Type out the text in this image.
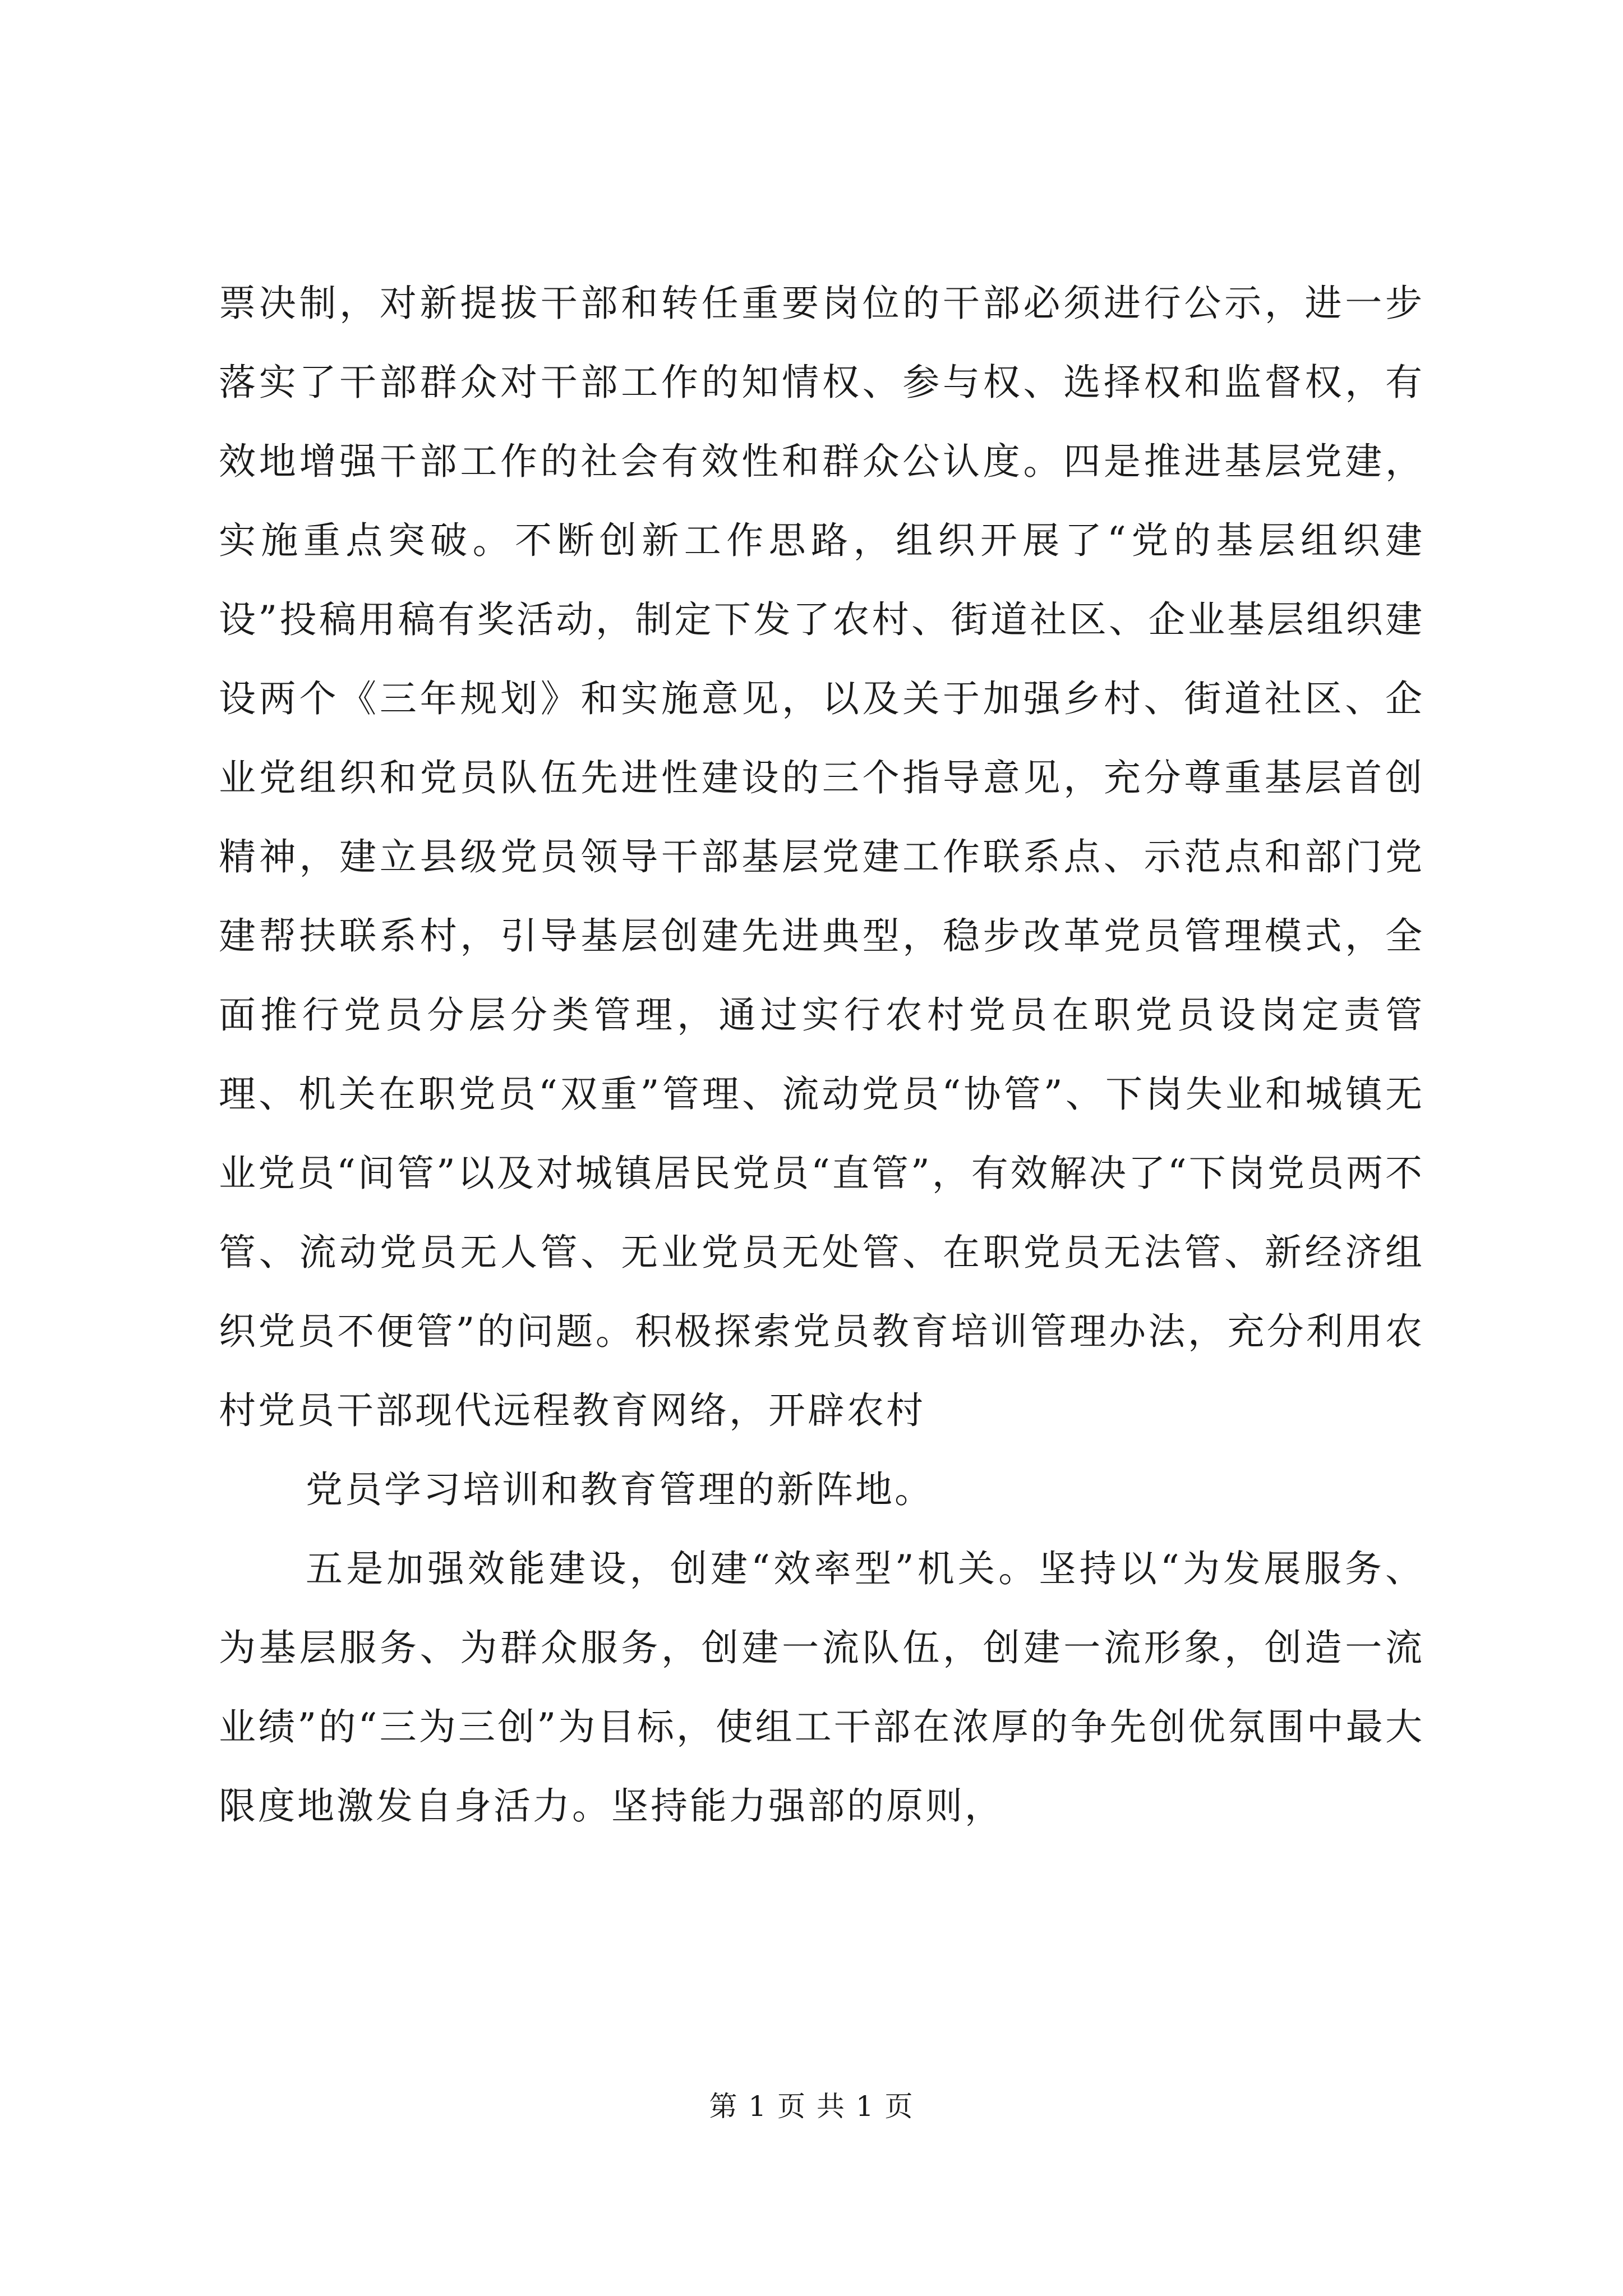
票决制，对新提拔干部和转任重要岗位的干部必须进行公示，进一步落实了干部群众对干部工作的知情权、参与权、选择权和监督权，有效地增强干部工作的社会有效性和群众公认度。四是推进基层党建，实施重点突破。不断创新工作思路，组织开展了“党的基层组织建设”投稿用稿有奖活动，制定下发了农村、街道社区、企业基层组织建设两个《三年规划》和实施意见，以及关于加强乡村、街道社区、企业党组织和党员队伍先进性建设的三个指导意见，充分尊重基层首创精神，建立县级党员领导干部基层党建工作联系点、示范点和部门党建帮扶联系村，引导基层创建先进典型，稳步改革党员管理模式，全面推行党员分层分类管理，通过实行农村党员在职党员设岗定责管理、机关在职党员“双重”管理、流动党员“协管”、下岗失业和城镇无业党员“间管”以及对城镇居民党员“直管”，有效解决了“下岗党员两不管、流动党员无人管、无业党员无处管、在职党员无法管、新经济组织党员不便管”的问题。积极探索党员教育培训管理办法，充分利用农村党员干部现代远程教育网络，开辟农村

党员学习培训和教育管理的新阵地。

五是加强效能建设，创建“效率型”机关。坚持以“为发展服务、为基层服务、为群众服务，创建一流队伍，创建一流形象，创造一流业绩”的“三为三创”为目标，使组工干部在浓厚的争先创优氛围中最大限度地激发自身活力。坚持能力强部的原则，

第 1 页 共 1 页
